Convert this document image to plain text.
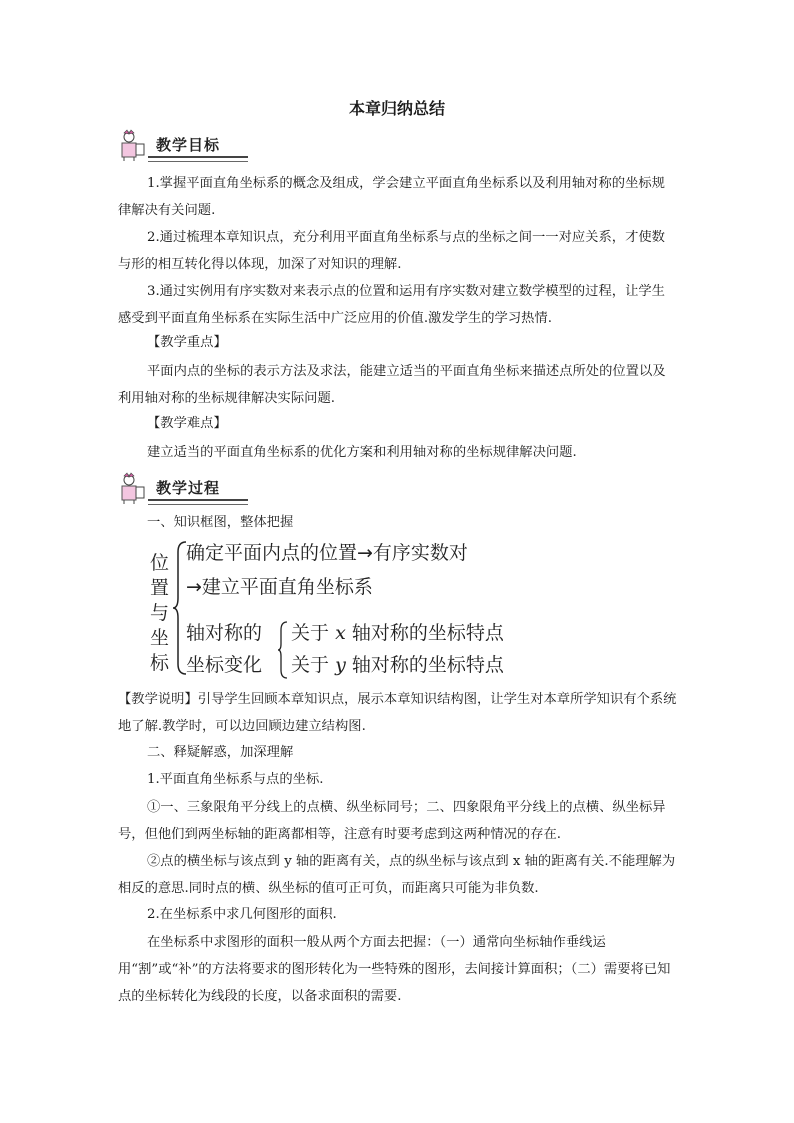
本章归纳总结
教学目标
1.掌握平面直角坐标系的概念及组成，学会建立平面直角坐标系以及利用轴对称的坐标规律解决有关问题.
2.通过梳理本章知识点，充分利用平面直角坐标系与点的坐标之间一一对应关系，才使数与形的相互转化得以体现，加深了对知识的理解.
3.通过实例用有序实数对来表示点的位置和运用有序实数对建立数学模型的过程，让学生感受到平面直角坐标系在实际生活中广泛应用的价值.激发学生的学习热情.
【教学重点】
平面内点的坐标的表示方法及求法，能建立适当的平面直角坐标来描述点所处的位置以及利用轴对称的坐标规律解决实际问题.
【教学难点】
建立适当的平面直角坐标系的优化方案和利用轴对称的坐标规律解决问题.
教学过程
一、知识框图，整体把握
位
置
与
坐
标
确定平面内点的位置→有序实数对
→建立平面直角坐标系
轴对称的
坐标变化
关于 x 轴对称的坐标特点
关于 y 轴对称的坐标特点
【教学说明】引导学生回顾本章知识点，展示本章知识结构图，让学生对本章所学知识有个系统地了解.教学时，可以边回顾边建立结构图.
二、释疑解惑，加深理解
1.平面直角坐标系与点的坐标.
①一、三象限角平分线上的点横、纵坐标同号；二、四象限角平分线上的点横、纵坐标异号，但他们到两坐标轴的距离都相等，注意有时要考虑到这两种情况的存在.
②点的横坐标与该点到 y 轴的距离有关，点的纵坐标与该点到 x 轴的距离有关.不能理解为相反的意思.同时点的横、纵坐标的值可正可负，而距离只可能为非负数.
2.在坐标系中求几何图形的面积.
在坐标系中求图形的面积一般从两个方面去把握：（一）通常向坐标轴作垂线运用“割”或“补”的方法将要求的图形转化为一些特殊的图形，去间接计算面积；（二）需要将已知点的坐标转化为线段的长度，以备求面积的需要.
